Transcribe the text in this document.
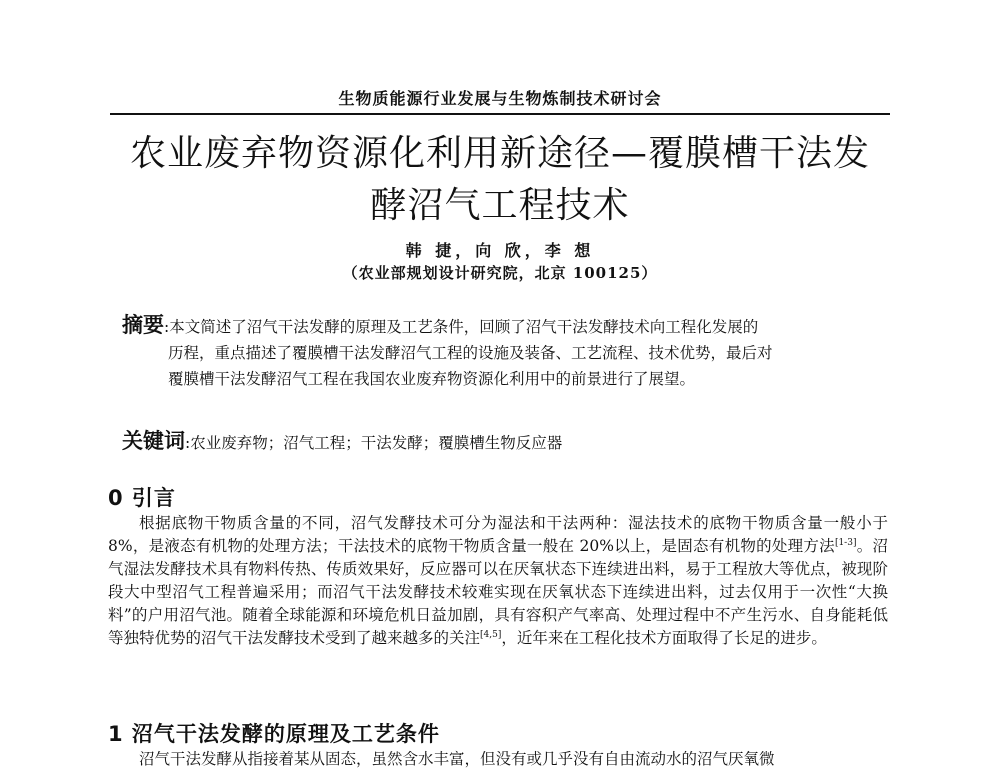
生物质能源行业发展与生物炼制技术研讨会
农业废弃物资源化利用新途径—覆膜槽干法发
酵沼气工程技术
韩 捷，向 欣，李 想
（农业部规划设计研究院，北京 100125）
摘要:本文简述了沼气干法发酵的原理及工艺条件，回顾了沼气干法发酵技术向工程化发展的
历程，重点描述了覆膜槽干法发酵沼气工程的设施及装备、工艺流程、技术优势，最后对
覆膜槽干法发酵沼气工程在我国农业废弃物资源化利用中的前景进行了展望。
关键词:农业废弃物；沼气工程；干法发酵；覆膜槽生物反应器
0 引言

根据底物干物质含量的不同，沼气发酵技术可分为湿法和干法两种：湿法技术的底物干物质含量一般小于 8%，是液态有机物的处理方法；干法技术的底物干物质含量一般在 20%以上，是固态有机物的处理方法[1-3]。沼气湿法发酵技术具有物料传热、传质效果好，反应器可以在厌氧状态下连续进出料，易于工程放大等优点，被现阶段大中型沼气工程普遍采用；而沼气干法发酵技术较难实现在厌氧状态下连续进出料，过去仅用于一次性“大换料”的户用沼气池。随着全球能源和环境危机日益加剧，具有容积产气率高、处理过程中不产生污水、自身能耗低等独特优势的沼气干法发酵技术受到了越来越多的关注[4,5]，近年来在工程化技术方面取得了长足的进步。

1 沼气干法发酵的原理及工艺条件

沼气干法发酵从指接着某从固态，虽然含水丰富，但没有或几乎没有自由流动水的沼气厌氧微
